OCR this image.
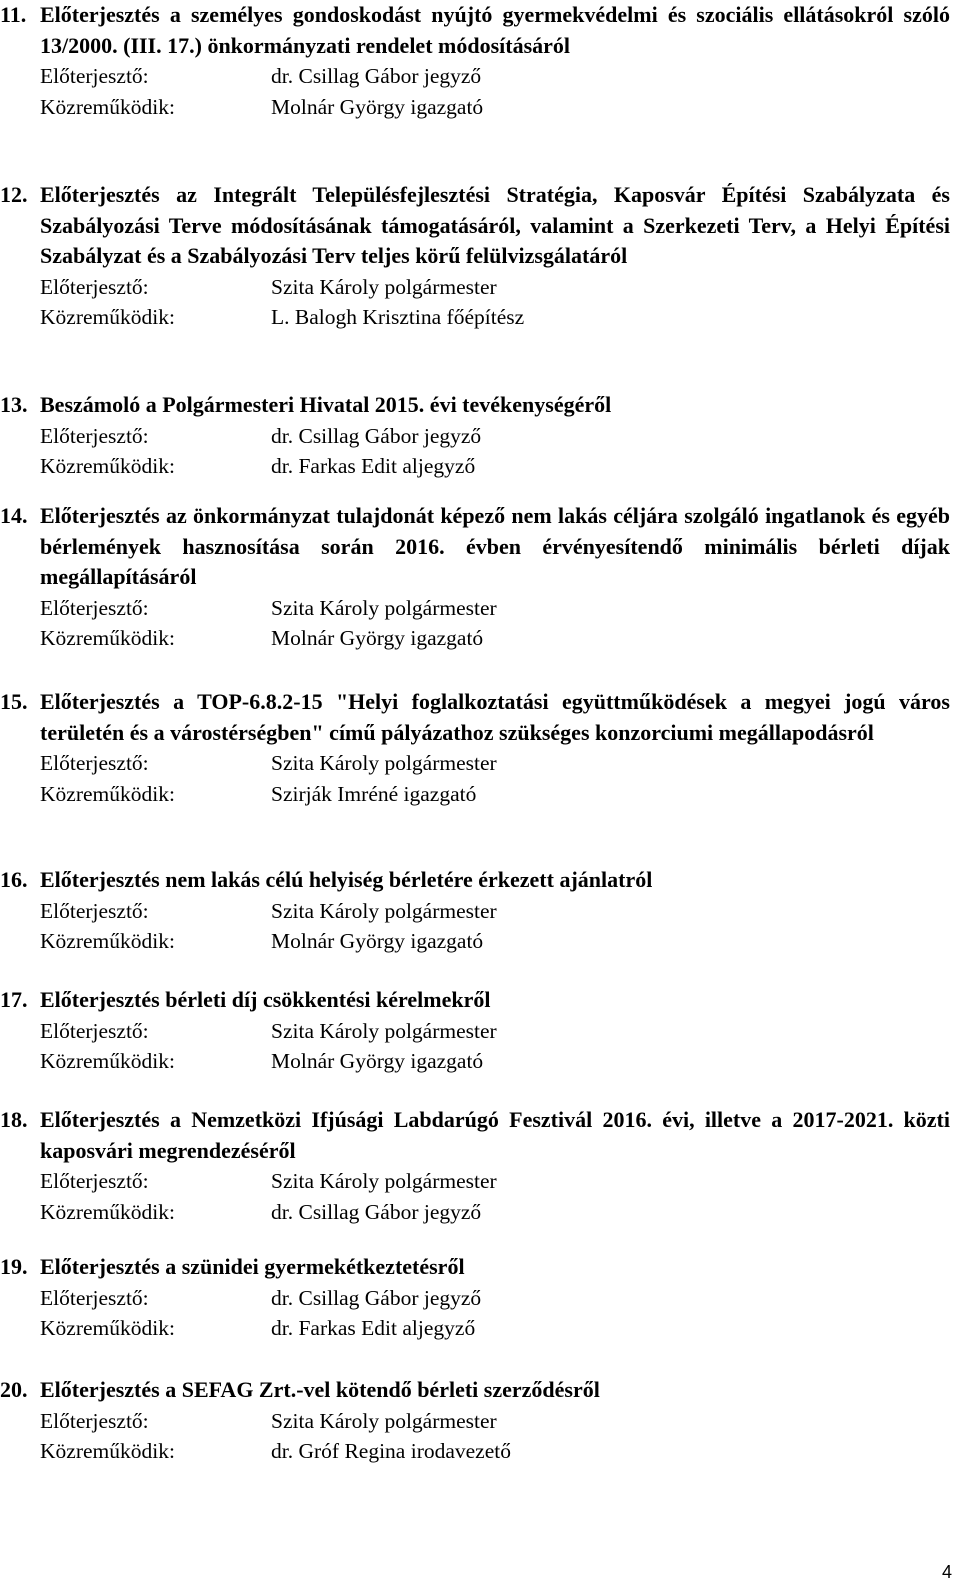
11. Előterjesztés a személyes gondoskodást nyújtó gyermekvédelmi és szociális ellátásokról szóló 13/2000. (III. 17.) önkormányzati rendelet módosításáról
Előterjesztő:	dr. Csillag Gábor jegyző
Közreműködik:	Molnár György igazgató
12. Előterjesztés az Integrált Településfejlesztési Stratégia, Kaposvár Építési Szabályzata és Szabályozási Terve módosításának támogatásáról, valamint a Szerkezeti Terv, a Helyi Építési Szabályzat és a Szabályozási Terv teljes körű felülvizsgálatáról
Előterjesztő:	Szita Károly polgármester
Közreműködik:	L. Balogh Krisztina főépítész
13. Beszámoló a Polgármesteri Hivatal 2015. évi tevékenységéről
Előterjesztő:	dr. Csillag Gábor jegyző
Közreműködik:	dr. Farkas Edit aljegyző
14. Előterjesztés az önkormányzat tulajdonát képező nem lakás céljára szolgáló ingatlanok és egyéb bérlemények hasznosítása során 2016. évben érvényesítendő minimális bérleti díjak megállapításáról
Előterjesztő:	Szita Károly polgármester
Közreműködik:	Molnár György igazgató
15. Előterjesztés a TOP-6.8.2-15 "Helyi foglalkoztatási együttműködések a megyei jogú város területén és a várostérségben" című pályázathoz szükséges konzorciumi megállapodásról
Előterjesztő:	Szita Károly polgármester
Közreműködik:	Szirják Imréné igazgató
16. Előterjesztés nem lakás célú helyiség bérletére érkezett ajánlatról
Előterjesztő:	Szita Károly polgármester
Közreműködik:	Molnár György igazgató
17. Előterjesztés bérleti díj csökkentési kérelmekről
Előterjesztő:	Szita Károly polgármester
Közreműködik:	Molnár György igazgató
18. Előterjesztés a Nemzetközi Ifjúsági Labdarúgó Fesztivál 2016. évi, illetve a 2017-2021. közti kaposvári megrendezéséről
Előterjesztő:	Szita Károly polgármester
Közreműködik:	dr. Csillag Gábor jegyző
19. Előterjesztés a szünidei gyermekétkeztetésről
Előterjesztő:	dr. Csillag Gábor jegyző
Közreműködik:	dr. Farkas Edit aljegyző
20. Előterjesztés a SEFAG Zrt.-vel kötendő bérleti szerződésről
Előterjesztő:	Szita Károly polgármester
Közreműködik:	dr. Gróf Regina irodavezető
4
